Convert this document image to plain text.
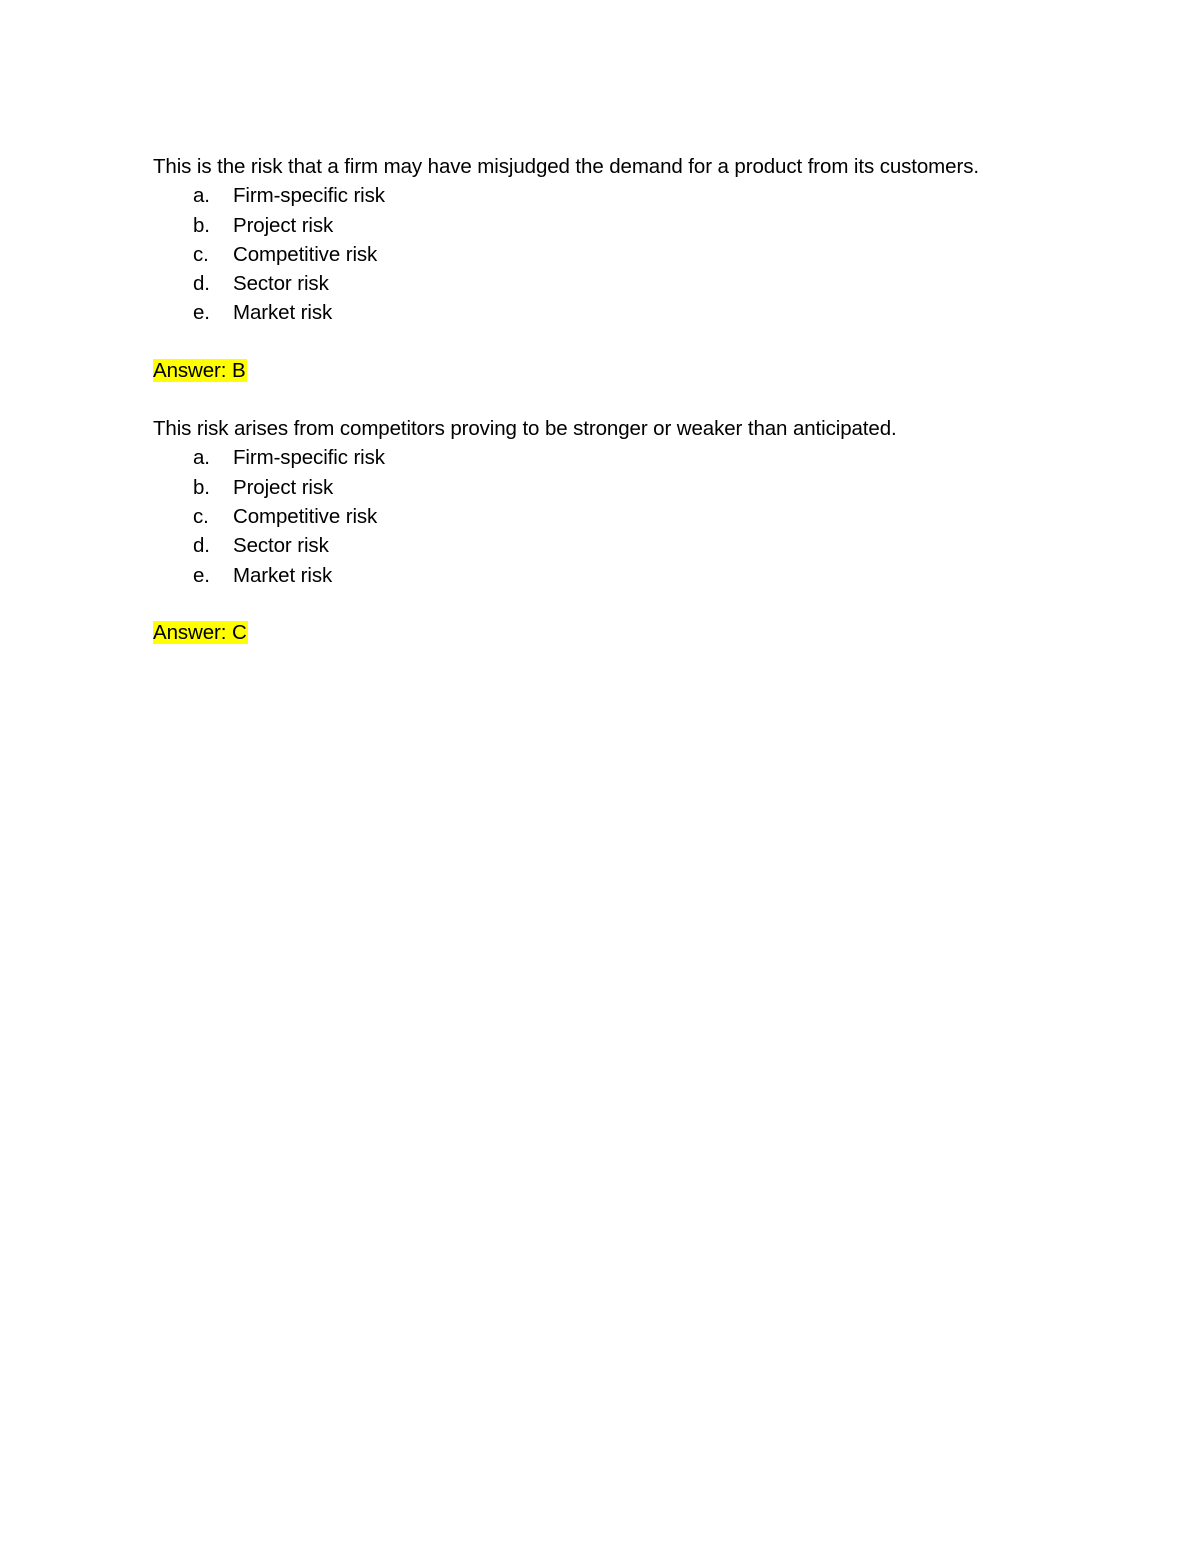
This is the risk that a firm may have misjudged the demand for a product from its customers.

a.	Firm-specific risk
b.	Project risk
c.	Competitive risk
d.	Sector risk
e.	Market risk

Answer: B

This risk arises from competitors proving to be stronger or weaker than anticipated.

a.	Firm-specific risk
b.	Project risk
c.	Competitive risk
d.	Sector risk
e.	Market risk

Answer: C
